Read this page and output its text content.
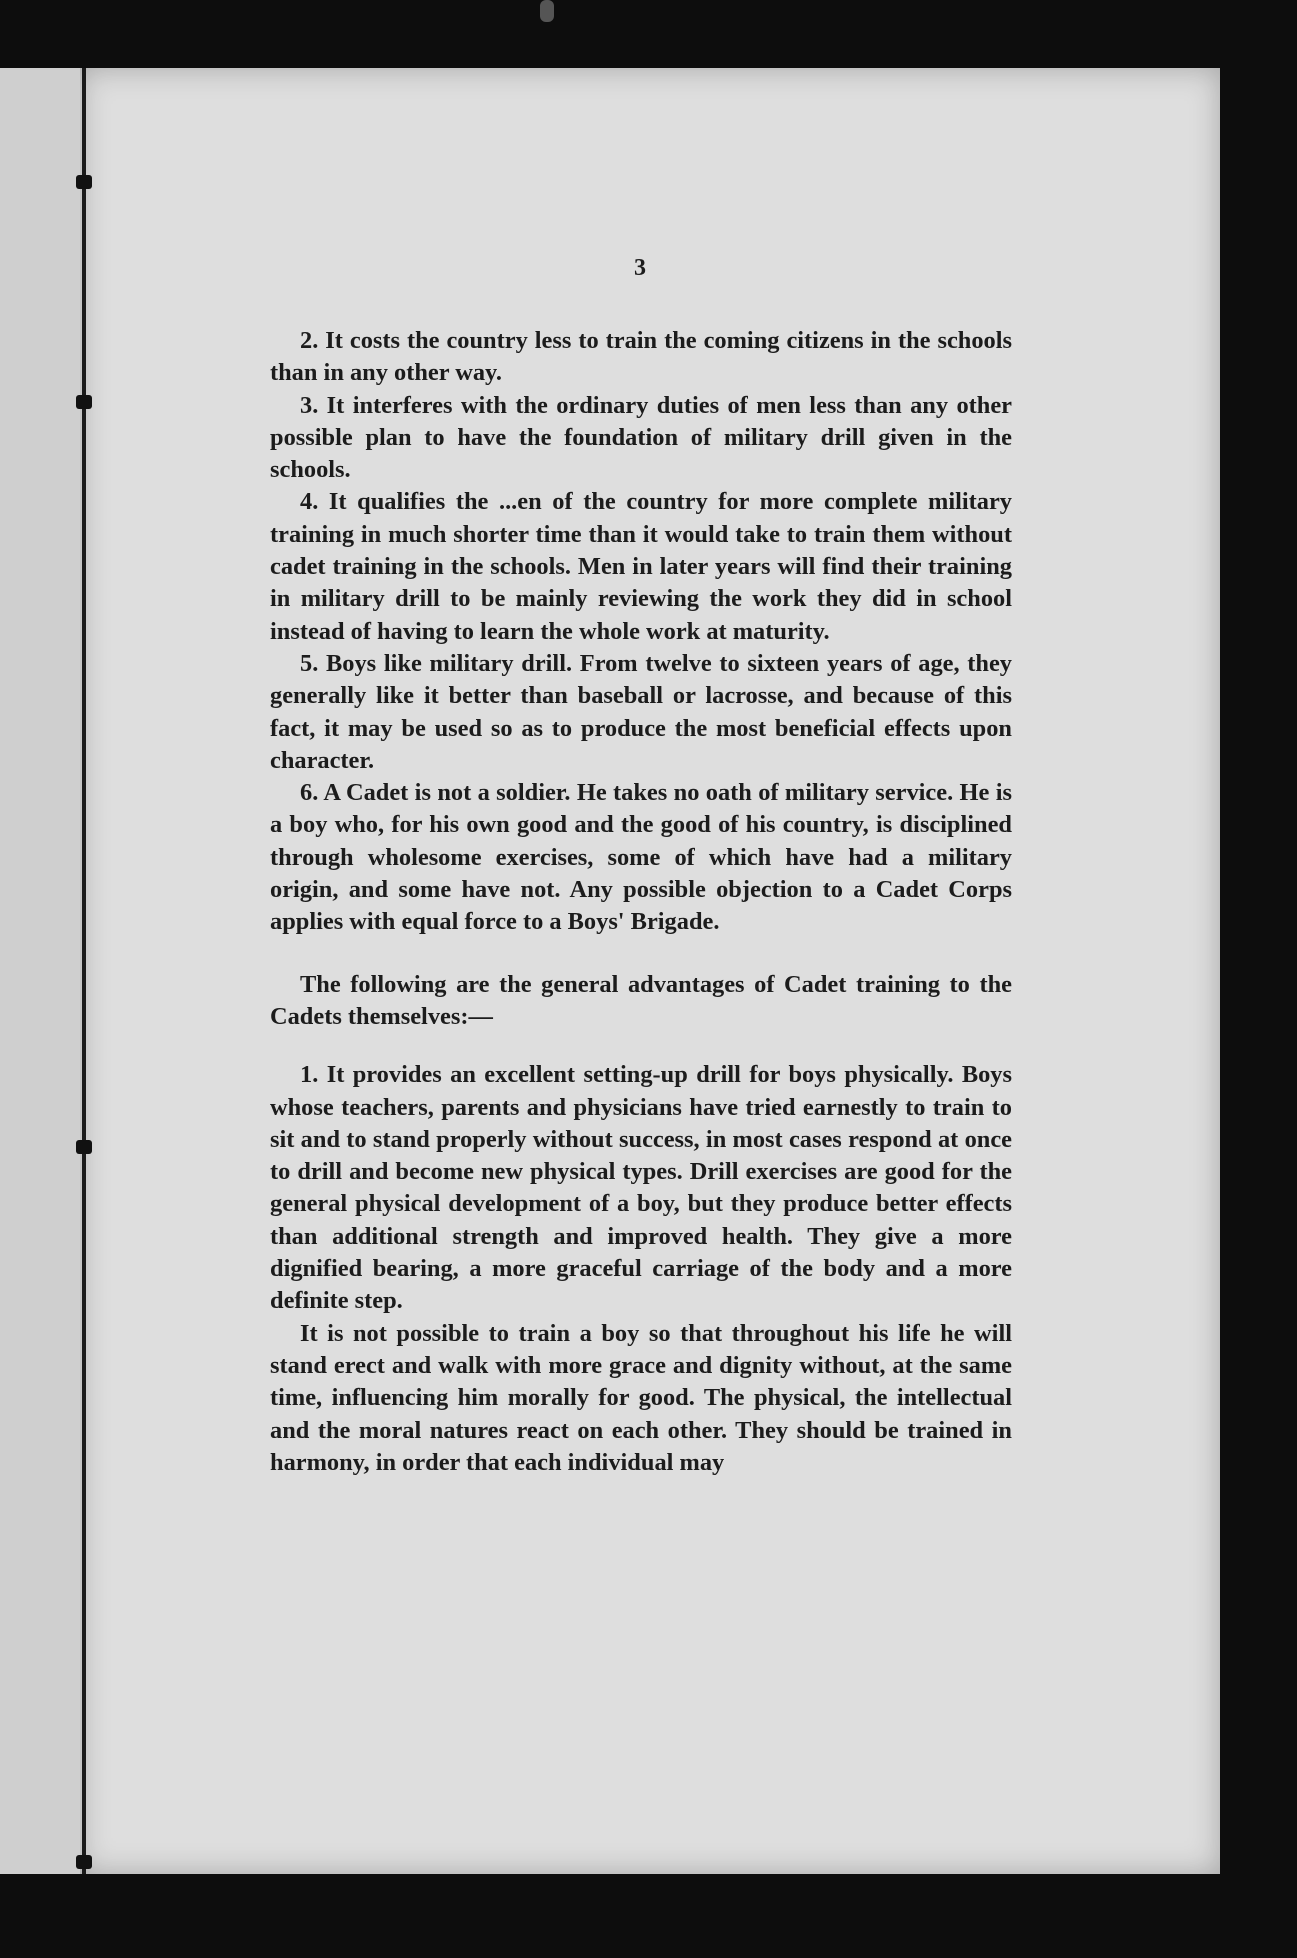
3

2. It costs the country less to train the coming citizens in the schools than in any other way.

3. It interferes with the ordinary duties of men less than any other possible plan to have the foundation of military drill given in the schools.

4. It qualifies the ...en of the country for more complete military training in much shorter time than it would take to train them without cadet training in the schools. Men in later years will find their training in military drill to be mainly reviewing the work they did in school instead of having to learn the whole work at maturity.

5. Boys like military drill. From twelve to sixteen years of age, they generally like it better than baseball or lacrosse, and because of this fact, it may be used so as to produce the most beneficial effects upon character.

6. A Cadet is not a soldier. He takes no oath of military service. He is a boy who, for his own good and the good of his country, is disciplined through wholesome exercises, some of which have had a military origin, and some have not. Any possible objection to a Cadet Corps applies with equal force to a Boys' Brigade.

The following are the general advantages of Cadet training to the Cadets themselves:—

1. It provides an excellent setting-up drill for boys physically. Boys whose teachers, parents and physicians have tried earnestly to train to sit and to stand properly without success, in most cases respond at once to drill and become new physical types. Drill exercises are good for the general physical development of a boy, but they produce better effects than additional strength and improved health. They give a more dignified bearing, a more graceful carriage of the body and a more definite step.

It is not possible to train a boy so that throughout his life he will stand erect and walk with more grace and dignity without, at the same time, influencing him morally for good. The physical, the intellectual and the moral natures react on each other. They should be trained in harmony, in order that each individual may
